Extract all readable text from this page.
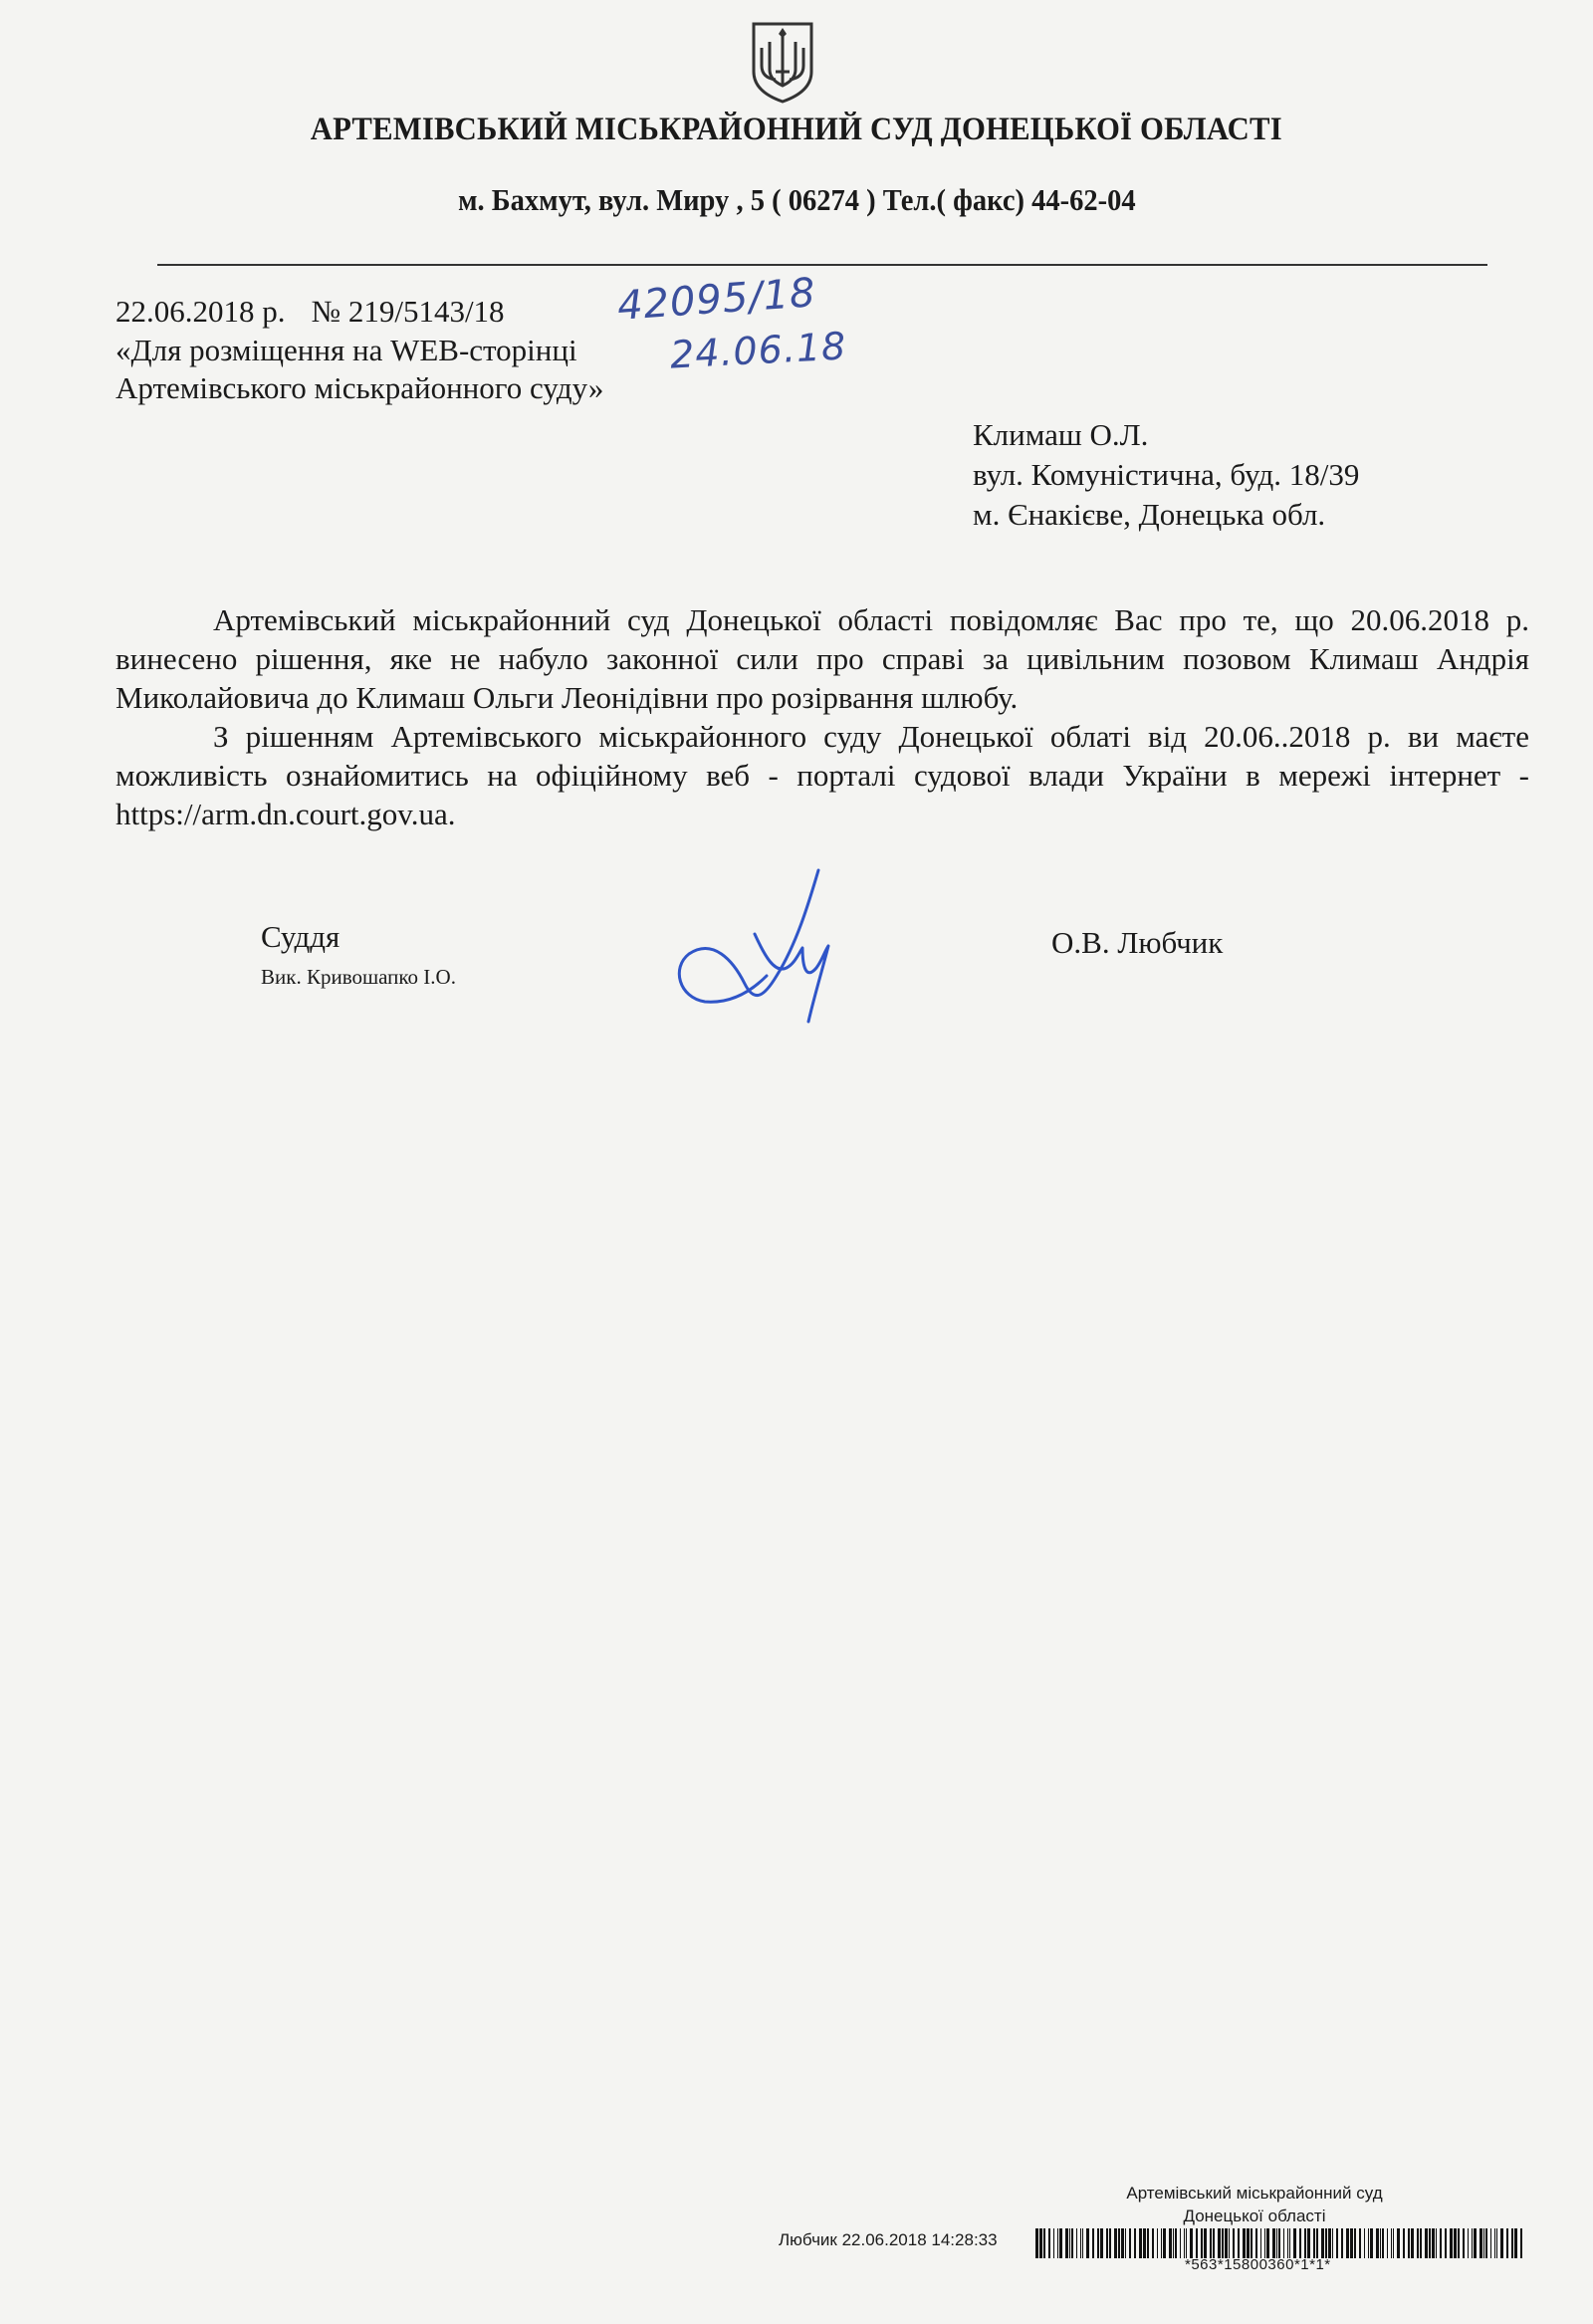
АРТЕМІВСЬКИЙ МІСЬКРАЙОННИЙ СУД ДОНЕЦЬКОЇ ОБЛАСТІ
м. Бахмут, вул. Миру , 5 ( 06274 ) Тел.( факс) 44-62-04
22.06.2018 р. № 219/5143/18
«Для розміщення на WEB-сторінці
Артемівського міськрайонного суду»
42095/18
24.06.18
Климаш О.Л.
вул. Комуністична, буд. 18/39
м. Єнакієве, Донецька обл.

Артемівський міськрайонний суд Донецької області повідомляє Вас про те, що 20.06.2018 р. винесено рішення, яке не набуло законної сили про справі за цивільним позовом Климаш Андрія Миколайовича до Климаш Ольги Леонідівни про розірвання шлюбу.

З рішенням Артемівського міськрайонного суду Донецької облаті від 20.06..2018 р. ви маєте можливість ознайомитись на офіційному веб - порталі судової влади України в мережі інтернет - https://arm.dn.court.gov.ua.

Суддя
Вик. Кривошапко І.О.
О.В. Любчик
Артемівський міськрайонний суд
Донецької області
Любчик 22.06.2018 14:28:33
*563*15800360*1*1*
